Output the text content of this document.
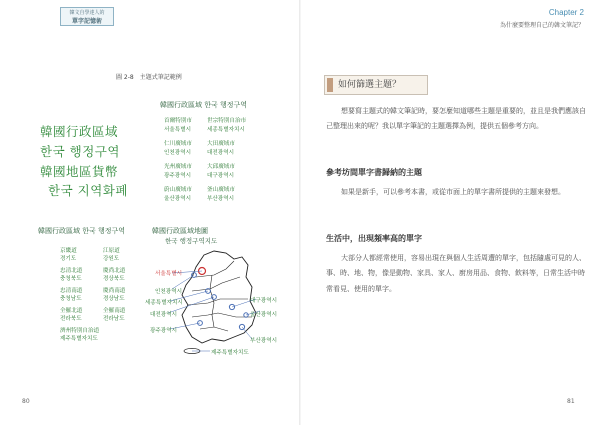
韓文自學達人的
單字記憶術
圖 2-8　主題式筆記範例
韓國行政區域
한국 행정구역
韓國地區貨幣
한국 지역화폐
韓國行政區域 한국 행정구역
首爾特別市	世宗特別自治市
서울특별시	세종특별자치시
仁川廣域市	大田廣域市
인천광역시	대전광역시
光州廣域市	大邱廣域市
광주광역시	대구광역시
蔚山廣域市	釜山廣域市
울산광역시	부산광역시
韓國行政區域 한국 행정구역
京畿道	江原道
경기도	강원도
忠清北道	慶尚北道
충청북도	경상북도
忠清南道	慶尚南道
충청남도	경상남도
全羅北道	全羅南道
전라북도	전라남도
濟州特別自治道
제주특별자치도
韓國行政區域地圖
한국 행정구역지도
서울특별시
인천광역시
세종특별자치시
대전광역시
대구광역시
광주광역시
울산광역시
부산광역시
제주특별자치도
80
Chapter 2
為什麼要整理自己的韓文筆記？
如何篩選主題？

想要寫主題式的韓文筆記時，要怎麼知道哪些主題是重要的，並且是我們應該自己整理出來的呢？我以單字筆記的主題選擇為例，提供五個參考方向。

參考坊間單字書歸納的主題

如果是新手，可以參考本書，或從市面上的單字書所提供的主題來發想。

生活中，出現頻率高的單字

大部分人都經常使用，容易出現在與個人生活周遭的單字，包括隨處可見的人、事、時、地、物，像是動物、家具、家人、廚房用品、食物、飲料等，日常生活中時常看見、使用的單字。

81
